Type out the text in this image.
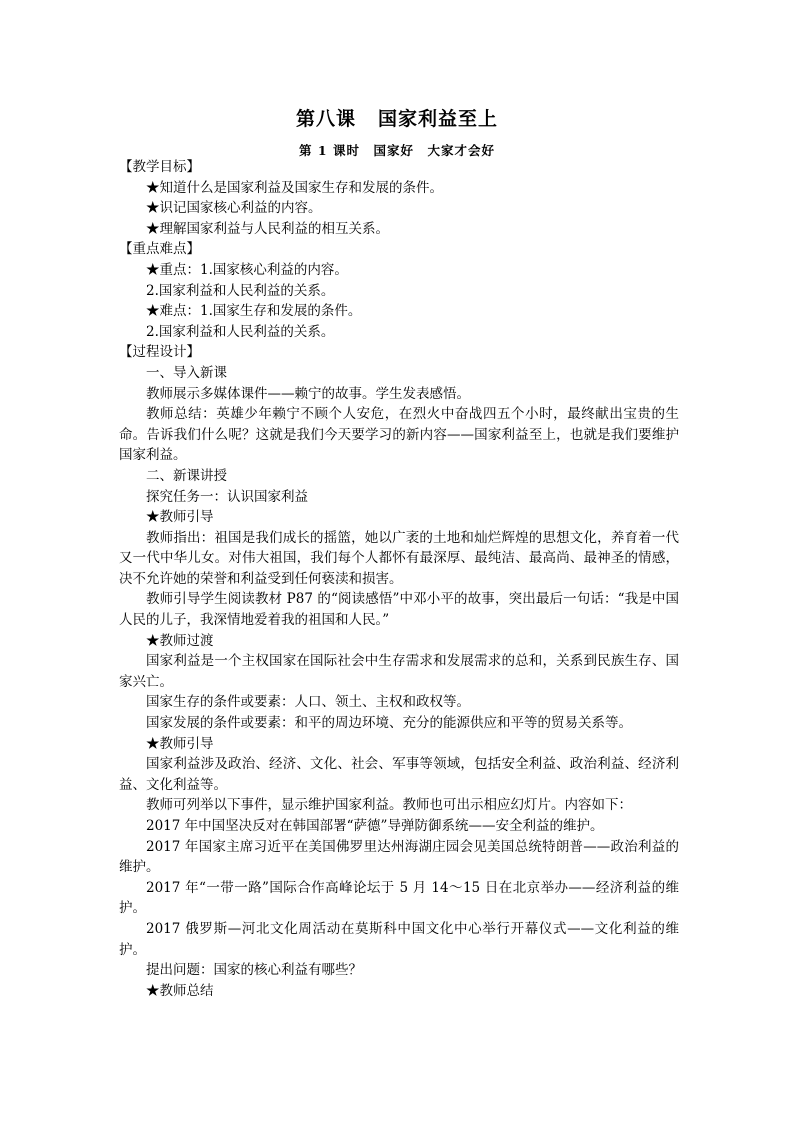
第八课 国家利益至上
第 1 课时　国家好　大家才会好

【教学目标】

★知道什么是国家利益及国家生存和发展的条件。

★识记国家核心利益的内容。

★理解国家利益与人民利益的相互关系。

【重点难点】

★重点：1.国家核心利益的内容。

2.国家利益和人民利益的关系。

★难点：1.国家生存和发展的条件。

2.国家利益和人民利益的关系。

【过程设计】

一、导入新课

教师展示多媒体课件——赖宁的故事。学生发表感悟。

教师总结：英雄少年赖宁不顾个人安危，在烈火中奋战四五个小时，最终献出宝贵的生命。告诉我们什么呢？这就是我们今天要学习的新内容——国家利益至上，也就是我们要维护国家利益。

二、新课讲授

探究任务一：认识国家利益

★教师引导

教师指出：祖国是我们成长的摇篮，她以广袤的土地和灿烂辉煌的思想文化，养育着一代又一代中华儿女。对伟大祖国，我们每个人都怀有最深厚、最纯洁、最高尚、最神圣的情感，决不允许她的荣誉和利益受到任何亵渎和损害。

教师引导学生阅读教材 P87 的“阅读感悟”中邓小平的故事，突出最后一句话：“我是中国人民的儿子，我深情地爱着我的祖国和人民。”

★教师过渡

国家利益是一个主权国家在国际社会中生存需求和发展需求的总和，关系到民族生存、国家兴亡。

国家生存的条件或要素：人口、领土、主权和政权等。

国家发展的条件或要素：和平的周边环境、充分的能源供应和平等的贸易关系等。

★教师引导

国家利益涉及政治、经济、文化、社会、军事等领域，包括安全利益、政治利益、经济利益、文化利益等。

教师可列举以下事件，显示维护国家利益。教师也可出示相应幻灯片。内容如下：

2017 年中国坚决反对在韩国部署“萨德”导弹防御系统——安全利益的维护。

2017 年国家主席习近平在美国佛罗里达州海湖庄园会见美国总统特朗普——政治利益的维护。

2017 年“一带一路”国际合作高峰论坛于 5 月 14～15 日在北京举办——经济利益的维护。

2017 俄罗斯—河北文化周活动在莫斯科中国文化中心举行开幕仪式——文化利益的维护。

提出问题：国家的核心利益有哪些？

★教师总结
